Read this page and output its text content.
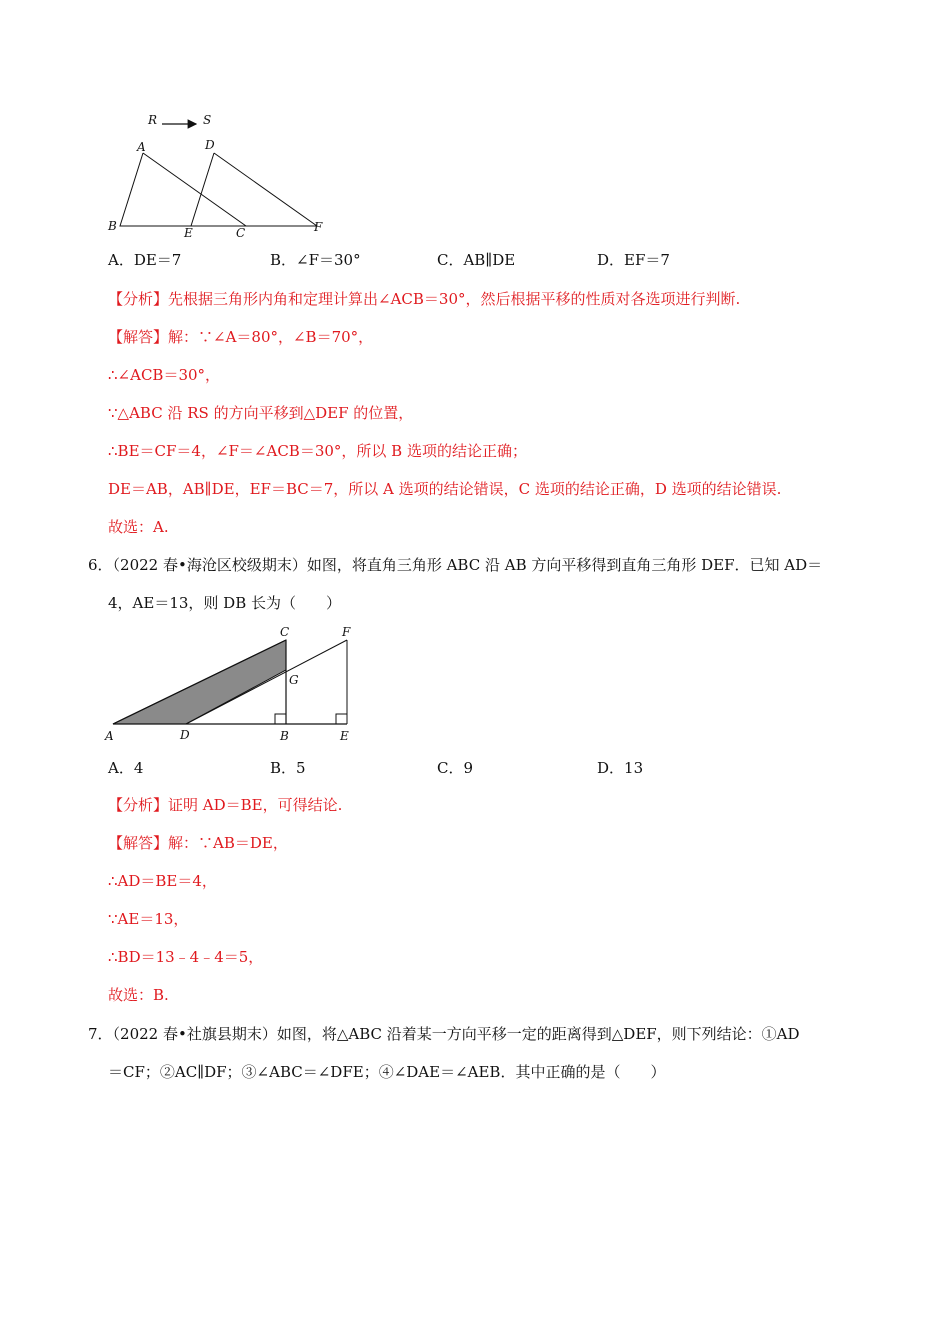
R	S
A	D
B	E	C	F
A．DE＝7	B．∠F＝30°	C．AB∥DE	D．EF＝7
【分析】先根据三角形内角和定理计算出∠ACB＝30°，然后根据平移的性质对各选项进行判断.
【解答】解：∵∠A＝80°，∠B＝70°，
∴∠ACB＝30°，
∵△ABC 沿 RS 的方向平移到△DEF 的位置，
∴BE＝CF＝4，∠F＝∠ACB＝30°，所以 B 选项的结论正确；
DE＝AB，AB∥DE，EF＝BC＝7，所以 A 选项的结论错误，C 选项的结论正确，D 选项的结论错误.
故选：A.
6．（2022 春•海沧区校级期末）如图，将直角三角形 ABC 沿 AB 方向平移得到直角三角形 DEF．已知 AD＝
4，AE＝13，则 DB 长为（　　）
C	F
G
A	D	B	E
A．4	B．5	C．9	D．13
【分析】证明 AD＝BE，可得结论.
【解答】解：∵AB＝DE，
∴AD＝BE＝4，
∵AE＝13，
∴BD＝13﹣4﹣4＝5，
故选：B.
7．（2022 春•社旗县期末）如图，将△ABC 沿着某一方向平移一定的距离得到△DEF，则下列结论：①AD
＝CF；②AC∥DF；③∠ABC＝∠DFE；④∠DAE＝∠AEB．其中正确的是（　　）
